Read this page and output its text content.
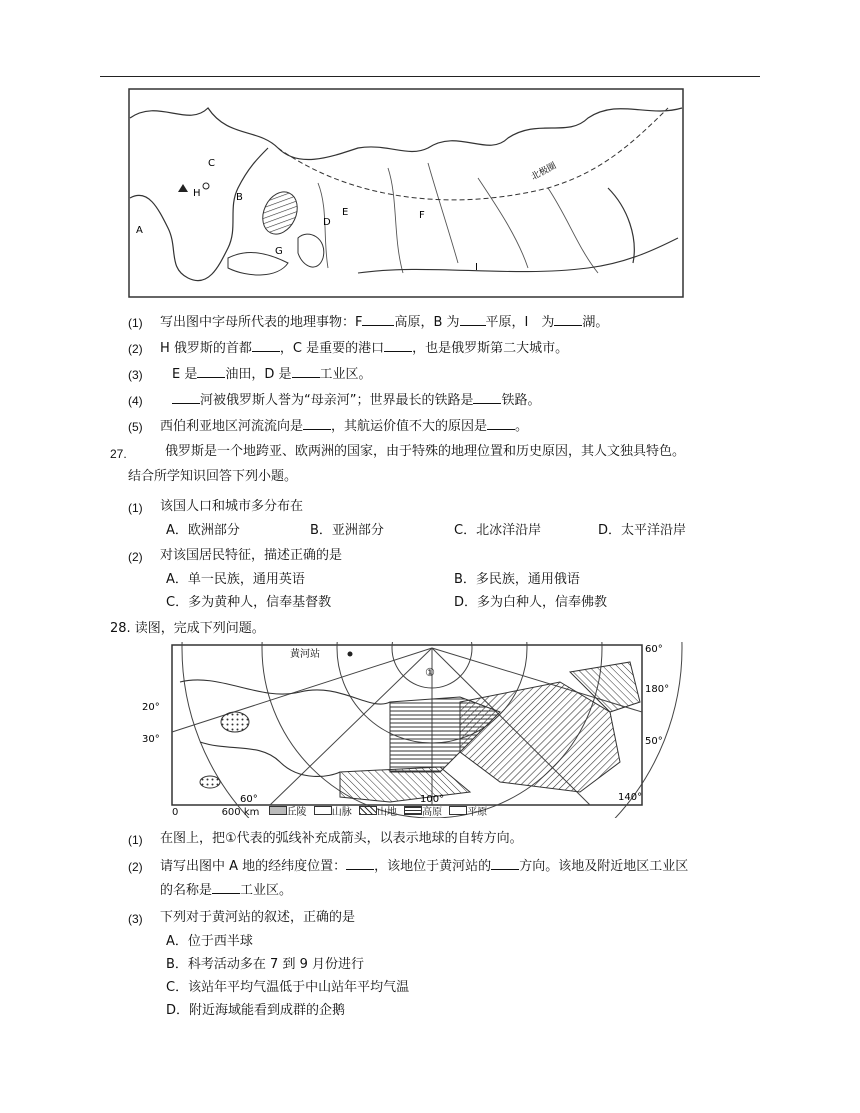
A
B
C
D
E	F
G
H
I
北极圈
(1) 写出图中字母所代表的地理事物：F 高原，B 为 平原，I　为 湖。
(2) H 俄罗斯的首都 ，C 是重要的港口 ，也是俄罗斯第二大城市。
(3) E 是 油田，D 是 工业区。
(4)	河被俄罗斯人誉为“母亲河”；世界最长的铁路是 铁路。
(5) 西伯利亚地区河流流向是 ，其航运价值不大的原因是 。
27.	俄罗斯是一个地跨亚、欧两洲的国家，由于特殊的地理位置和历史原因，其人文独具特色。
结合所学知识回答下列小题。
(1) 该国人口和城市多分布在
A．欧洲部分	B．亚洲部分	C．北冰洋沿岸	D．太平洋沿岸
(2) 对该国居民特征，描述正确的是
A．单一民族，通用英语	B．多民族，通用俄语
C．多为黄种人，信奉基督教	D．多为白种人，信奉佛教
28. 读图，完成下列问题。
黄河站
①
60°
180°
50°
140°
100°
60°
20°
30°
0	600 km	丘陵	山脉	山地	高原	平原
(1) 在图上，把①代表的弧线补充成箭头，以表示地球的自转方向。
(2) 请写出图中 A 地的经纬度位置： ，该地位于黄河站的 方向。该地及附近地区工业区
的名称是 工业区。
(3) 下列对于黄河站的叙述，正确的是
A．位于西半球
B．科考活动多在 7 到 9 月份进行
C．该站年平均气温低于中山站年平均气温
D．附近海域能看到成群的企鹅
